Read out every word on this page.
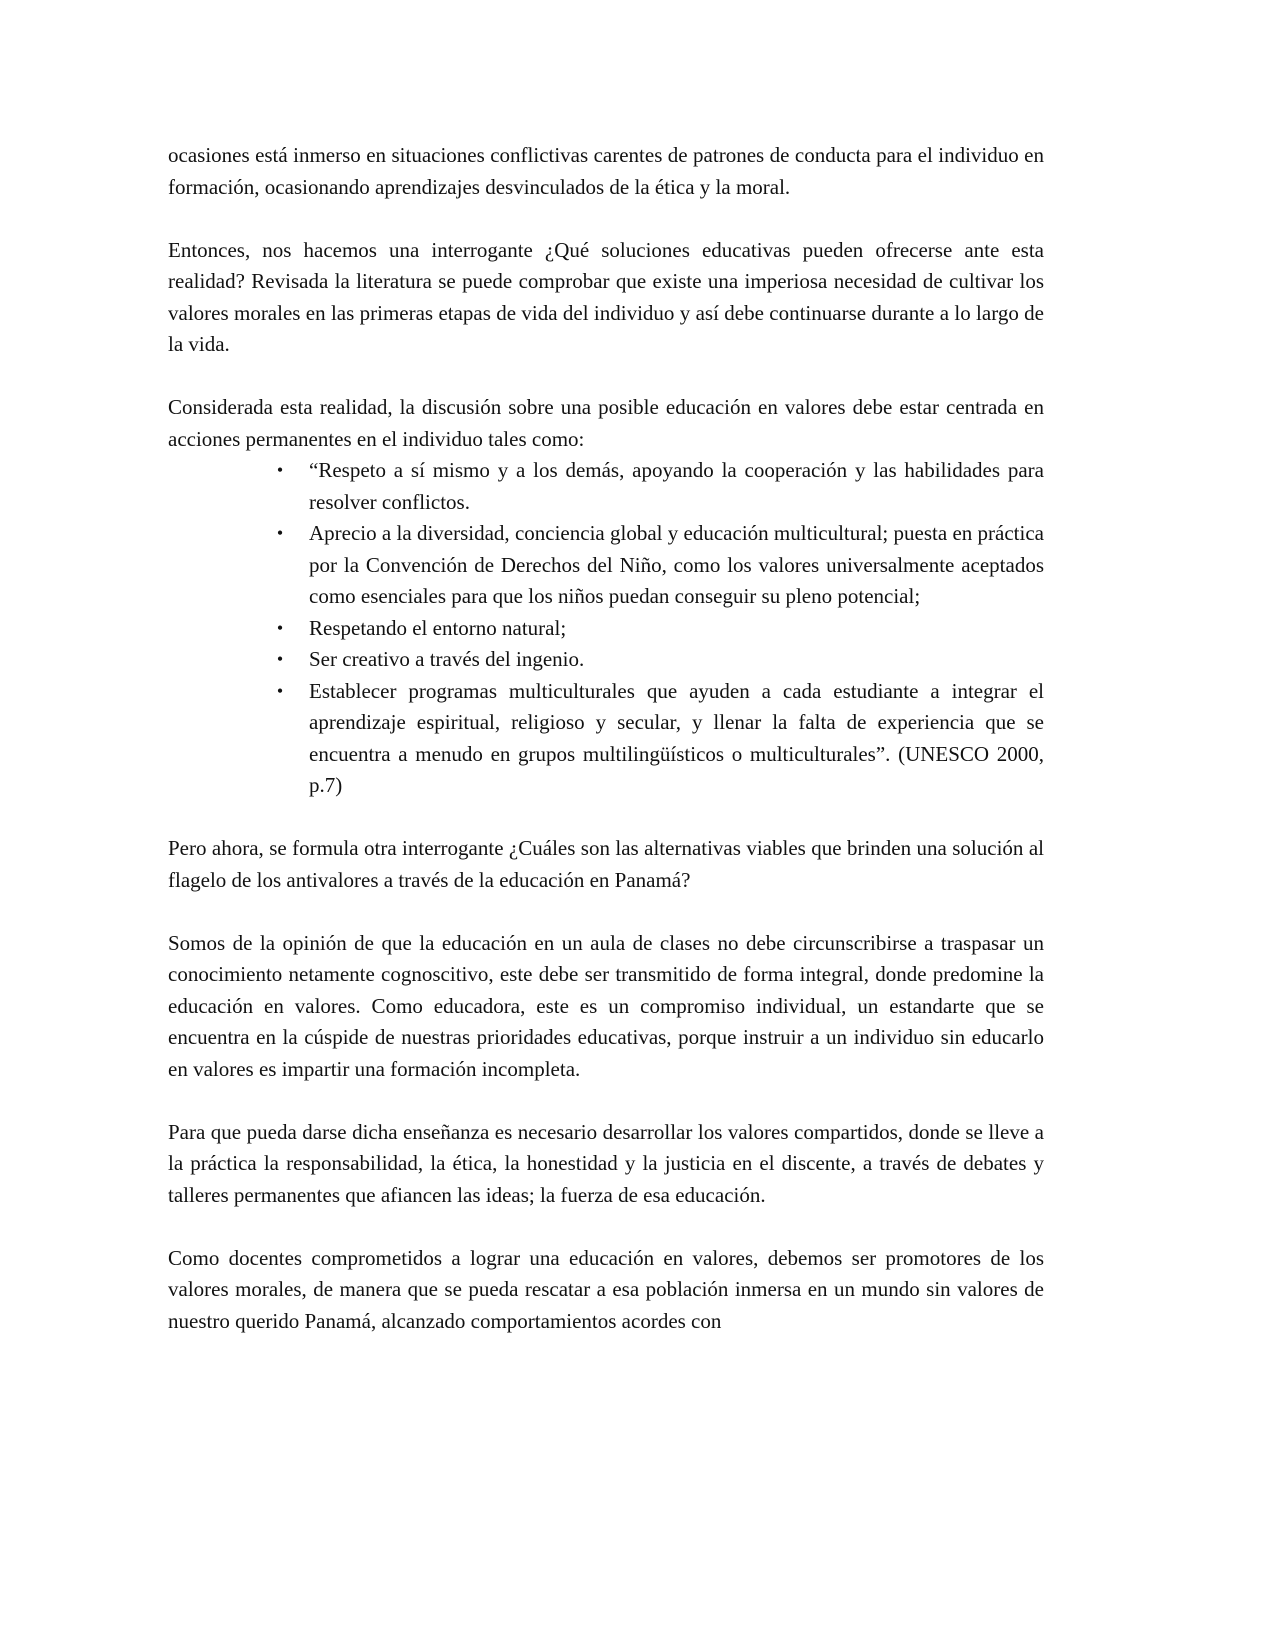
ocasiones está inmerso en situaciones conflictivas carentes de patrones de conducta para el individuo en formación, ocasionando aprendizajes desvinculados de la ética y la moral.

Entonces, nos hacemos una interrogante ¿Qué soluciones educativas pueden ofrecerse ante esta realidad? Revisada la literatura se puede comprobar que existe una imperiosa necesidad de cultivar los valores morales en las primeras etapas de vida del individuo y así debe continuarse durante a lo largo de la vida.

Considerada esta realidad, la discusión sobre una posible educación en valores debe estar centrada en acciones permanentes en el individuo tales como:

• “Respeto a sí mismo y a los demás, apoyando la cooperación y las habilidades para resolver conflictos.
• Aprecio a la diversidad, conciencia global y educación multicultural; puesta en práctica por la Convención de Derechos del Niño, como los valores universalmente aceptados como esenciales para que los niños puedan conseguir su pleno potencial;
• Respetando el entorno natural;
• Ser creativo a través del ingenio.
• Establecer programas multiculturales que ayuden a cada estudiante a integrar el aprendizaje espiritual, religioso y secular, y llenar la falta de experiencia que se encuentra a menudo en grupos multilingüísticos o multiculturales”. (UNESCO 2000, p.7)

Pero ahora, se formula otra interrogante ¿Cuáles son las alternativas viables que brinden una solución al flagelo de los antivalores a través de la educación en Panamá?

Somos de la opinión de que la educación en un aula de clases no debe circunscribirse a traspasar un conocimiento netamente cognoscitivo, este debe ser transmitido de forma integral, donde predomine la educación en valores. Como educadora, este es un compromiso individual, un estandarte que se encuentra en la cúspide de nuestras prioridades educativas, porque instruir a un individuo sin educarlo en valores es impartir una formación incompleta.

Para que pueda darse dicha enseñanza es necesario desarrollar los valores compartidos, donde se lleve a la práctica la responsabilidad, la ética, la honestidad y la justicia en el discente, a través de debates y talleres permanentes que afiancen las ideas; la fuerza de esa educación.

Como docentes comprometidos a lograr una educación en valores, debemos ser promotores de los valores morales, de manera que se pueda rescatar a esa población inmersa en un mundo sin valores de nuestro querido Panamá, alcanzado comportamientos acordes con
